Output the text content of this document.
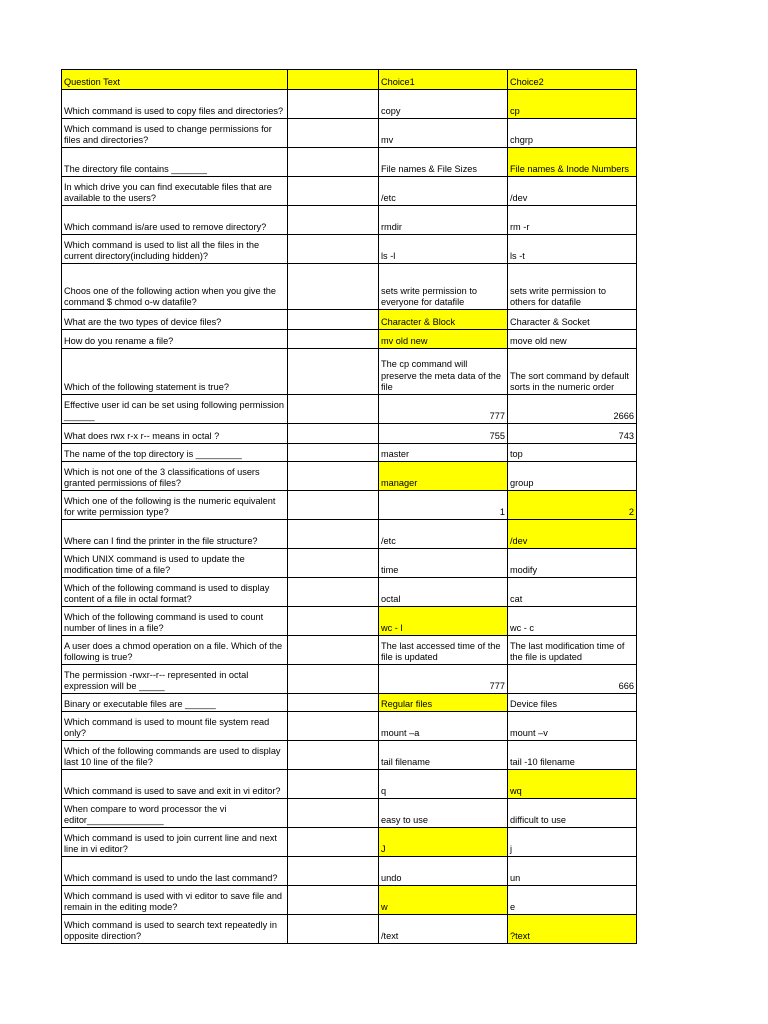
Question Text		Choice1	Choice2
Which command is used to copy files and directories?		copy	cp
Which command is used to change permissions for files and directories?		mv	chgrp
The directory file contains _______		File names & File Sizes	File names & Inode Numbers
In which drive you can find executable files that are available to the users?		/etc	/dev
Which command is/are used to remove directory?		rmdir	rm -r
Which command is used to list all the files in the current directory(including hidden)?		ls -l	ls -t
Choos one of the following action when you give the command $ chmod o-w datafile?		sets write permission to everyone for datafile	sets write permission to others for datafile
What are the two types of device files?		Character & Block	Character & Socket
How do you rename a file?		mv old new	move old new
Which of the following statement is true?		The cp command will preserve the meta data of the file	The sort command by default sorts in the numeric order
Effective user id can be set using following permission ______		777	2666
What does rwx r-x r-- means in octal ?		755	743
The name of the top directory is _________		master	top
Which is not one of the 3 classifications of users granted permissions of files?		manager	group
Which one of the following is the numeric equivalent for write permission type?		1	2
Where can I find the printer in the file structure?		/etc	/dev
Which UNIX command is used to update the modification time of a file?		time	modify
Which of the following command is used to display content of a file in octal format?		octal	cat
Which of the following command is used to count number of lines in a file?		wc - l	wc - c
A user does a chmod operation on a file. Which of the following is true?		The last accessed time of the file is updated	The last modification time of the file is updated
The permission -rwxr--r-- represented in octal expression will be _____		777	666
Binary or executable files are ______		Regular files	Device files
Which command is used to mount file system read only?		mount –a	mount –v
Which of the following commands are used to display last 10 line of the file?		tail filename	tail -10 filename
Which command is used to save and exit in vi editor?		q	wq
When compare to word processor the vi editor_______________		easy to use	difficult to use
Which command is used to join current line and next line in vi editor?		J	j
Which command is used to undo the last command?		undo	un
Which command is used with vi editor to save file and remain in the editing mode?		w	e
Which command is used to search text repeatedly in opposite direction?		/text	?text
